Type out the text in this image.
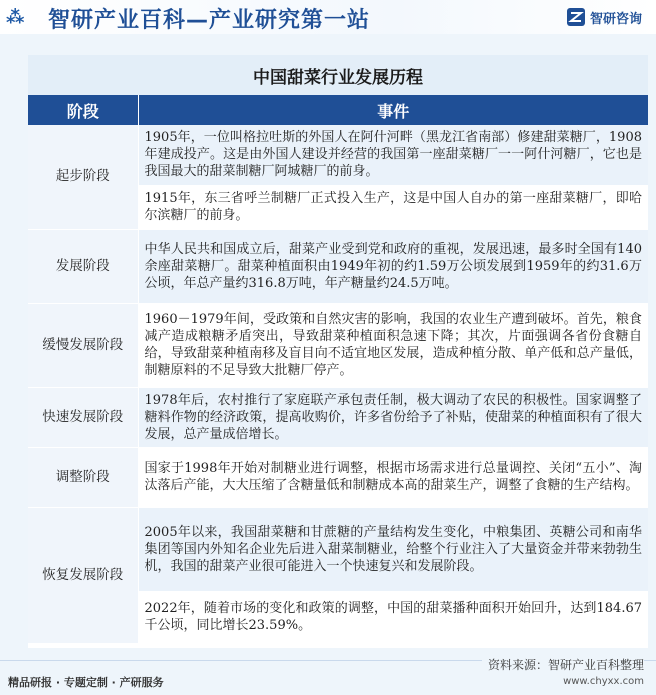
⁂	智研产业百科—产业研究第一站	智研咨询
中国甜菜行业发展历程
阶段	事件
起步阶段	1905年，一位叫格拉吐斯的外国人在阿什河畔（黑龙江省南部）修建甜菜糖厂，1908年建成投产。这是由外国人建设并经营的我国第一座甜菜糖厂一一阿什河糖厂，它也是我国最大的甜菜制糖厂阿城糖厂的前身。
	1915年，东三省呼兰制糖厂正式投入生产，这是中国人自办的第一座甜菜糖厂，即哈尔滨糖厂的前身。
发展阶段	中华人民共和国成立后，甜菜产业受到党和政府的重视，发展迅速，最多时全国有140余座甜菜糖厂。甜菜种植面积由1949年初的约1.59万公顷发展到1959年的约31.6万公顷，年总产量约316.8万吨，年产糖量约24.5万吨。
缓慢发展阶段	1960－1979年间，受政策和自然灾害的影响，我国的农业生产遭到破坏。首先，粮食减产造成粮糖矛盾突出，导致甜菜种植面积急速下降；其次，片面强调各省份食糖自给，导致甜菜种植南移及盲目向不适宜地区发展，造成种植分散、单产低和总产量低，制糖原料的不足导致大批糖厂停产。
快速发展阶段	1978年后，农村推行了家庭联产承包责任制，极大调动了农民的积极性。国家调整了糖料作物的经济政策，提高收购价，许多省份给予了补贴，使甜菜的种植面积有了很大发展，总产量成倍增长。
调整阶段	国家于1998年开始对制糖业进行调整，根据市场需求进行总量调控、关闭“五小”、淘汰落后产能，大大压缩了含糖量低和制糖成本高的甜菜生产，调整了食糖的生产结构。
恢复发展阶段	2005年以来，我国甜菜糖和甘蔗糖的产量结构发生变化，中粮集团、英糖公司和南华集团等国内外知名企业先后进入甜菜制糖业，给整个行业注入了大量资金并带来勃勃生机，我国的甜菜产业很可能进入一个快速复兴和发展阶段。
	2022年，随着市场的变化和政策的调整，中国的甜菜播种面积开始回升，达到184.67千公顷，同比增长23.59%。
资料来源：智研产业百科整理
精品研报 · 专题定制 · 产研服务	www.chyxx.com
